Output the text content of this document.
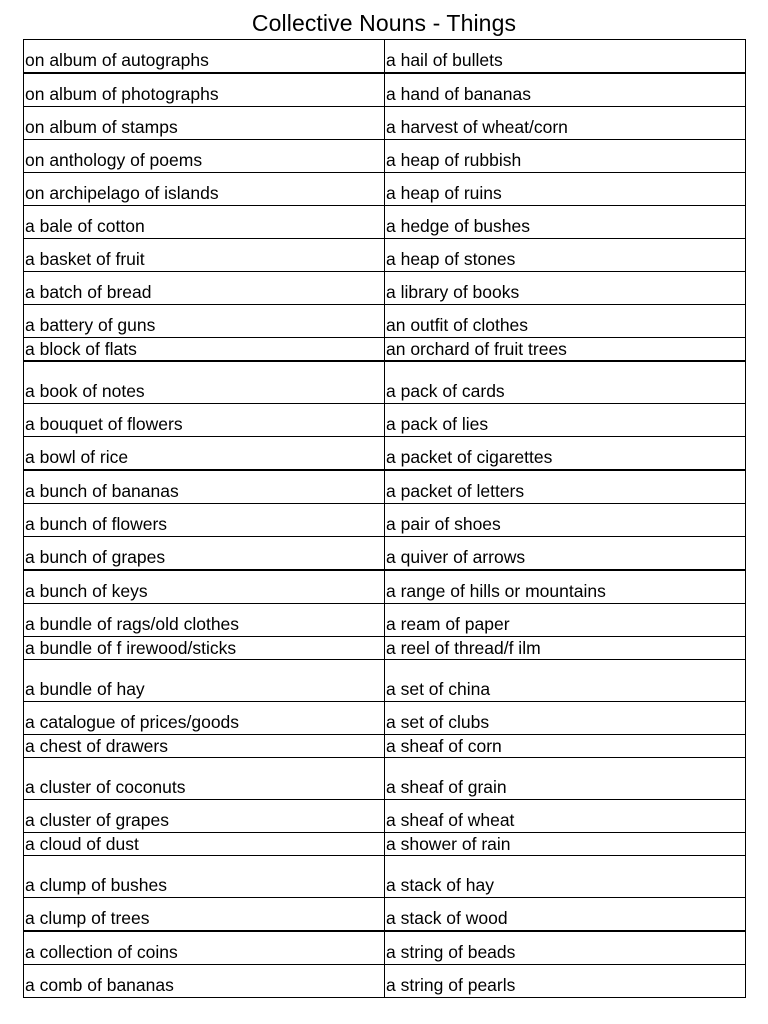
Collective Nouns - Things
on album of autographs	a hail of bullets
on album of photographs	a hand of bananas
on album of stamps	a harvest of wheat/corn
on anthology of poems	a heap of rubbish
on archipelago of islands	a heap of ruins
a bale of cotton	a hedge of bushes
a basket of fruit	a heap of stones
a batch of bread	a library of books
a battery of guns	an outfit of clothes
a block of flats	an orchard of fruit trees
a book of notes	a pack of cards
a bouquet of flowers	a pack of lies
a bowl of rice	a packet of cigarettes
a bunch of bananas	a packet of letters
a bunch of flowers	a pair of shoes
a bunch of grapes	a quiver of arrows
a bunch of keys	a range of hills or mountains
a bundle of rags/old clothes	a ream of paper
a bundle of f irewood/sticks	a reel of thread/f ilm
a bundle of hay	a set of china
a catalogue of prices/goods	a set of clubs
a chest of drawers	a sheaf of corn
a cluster of coconuts	a sheaf of grain
a cluster of grapes	a sheaf of wheat
a cloud of dust	a shower of rain
a clump of bushes	a stack of hay
a clump of trees	a stack of wood
a collection of coins	a string of beads
a comb of bananas	a string of pearls
